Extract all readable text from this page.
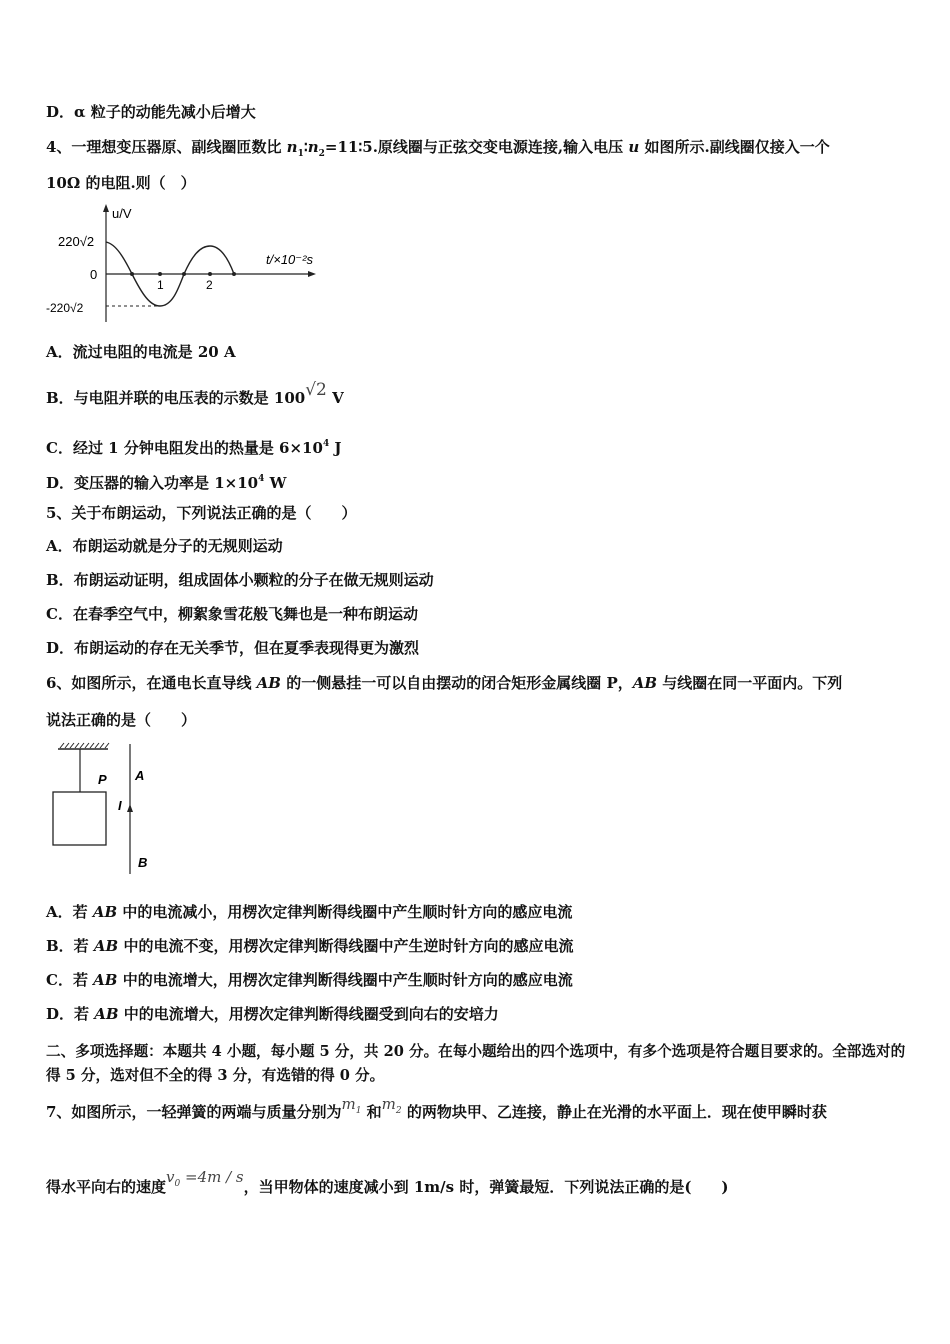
D．α 粒子的动能先减小后增大
4、一理想变压器原、副线圈匝数比 $n_1∶n_2=11∶5$.原线圈与正弦交变电源连接,输入电压 u 如图所示.副线圈仅接入一个
10Ω 的电阻.则（　）
u/V
t/×10⁻²s
220√2
0
-220√2
1	2
A．流过电阻的电流是 20 A
B．与电阻并联的电压表的示数是 100√2 V
C．经过 1 分钟电阻发出的热量是 $6\times 10^4$ J
D．变压器的输入功率是 $1\times 10^4$ W
5、关于布朗运动，下列说法正确的是（　　）
A．布朗运动就是分子的无规则运动
B．布朗运动证明，组成固体小颗粒的分子在做无规则运动
C．在春季空气中，柳絮象雪花般飞舞也是一种布朗运动
D．布朗运动的存在无关季节，但在夏季表现得更为激烈
6、如图所示，在通电长直导线 AB 的一侧悬挂一可以自由摆动的闭合矩形金属线圈 P，AB 与线圈在同一平面内。下列
说法正确的是（　　）
P A
I
B
A．若 AB 中的电流减小，用楞次定律判断得线圈中产生顺时针方向的感应电流
B．若 AB 中的电流不变，用楞次定律判断得线圈中产生逆时针方向的感应电流
C．若 AB 中的电流增大，用楞次定律判断得线圈中产生顺时针方向的感应电流
D．若 AB 中的电流增大，用楞次定律判断得线圈受到向右的安培力
二、多项选择题：本题共 4 小题，每小题 5 分，共 20 分。在每小题给出的四个选项中，有多个选项是符合题目要求的。全部选对的得 5 分，选对但不全的得 3 分，有选错的得 0 分。
7、如图所示，一轻弹簧的两端与质量分别为$m_1$ 和$m_2$ 的两物块甲、乙连接，静止在光滑的水平面上．现在使甲瞬时获
得水平向右的速度$v_0 =4m / s$，当甲物体的速度减小到 1m/s 时，弹簧最短．下列说法正确的是(　　)
